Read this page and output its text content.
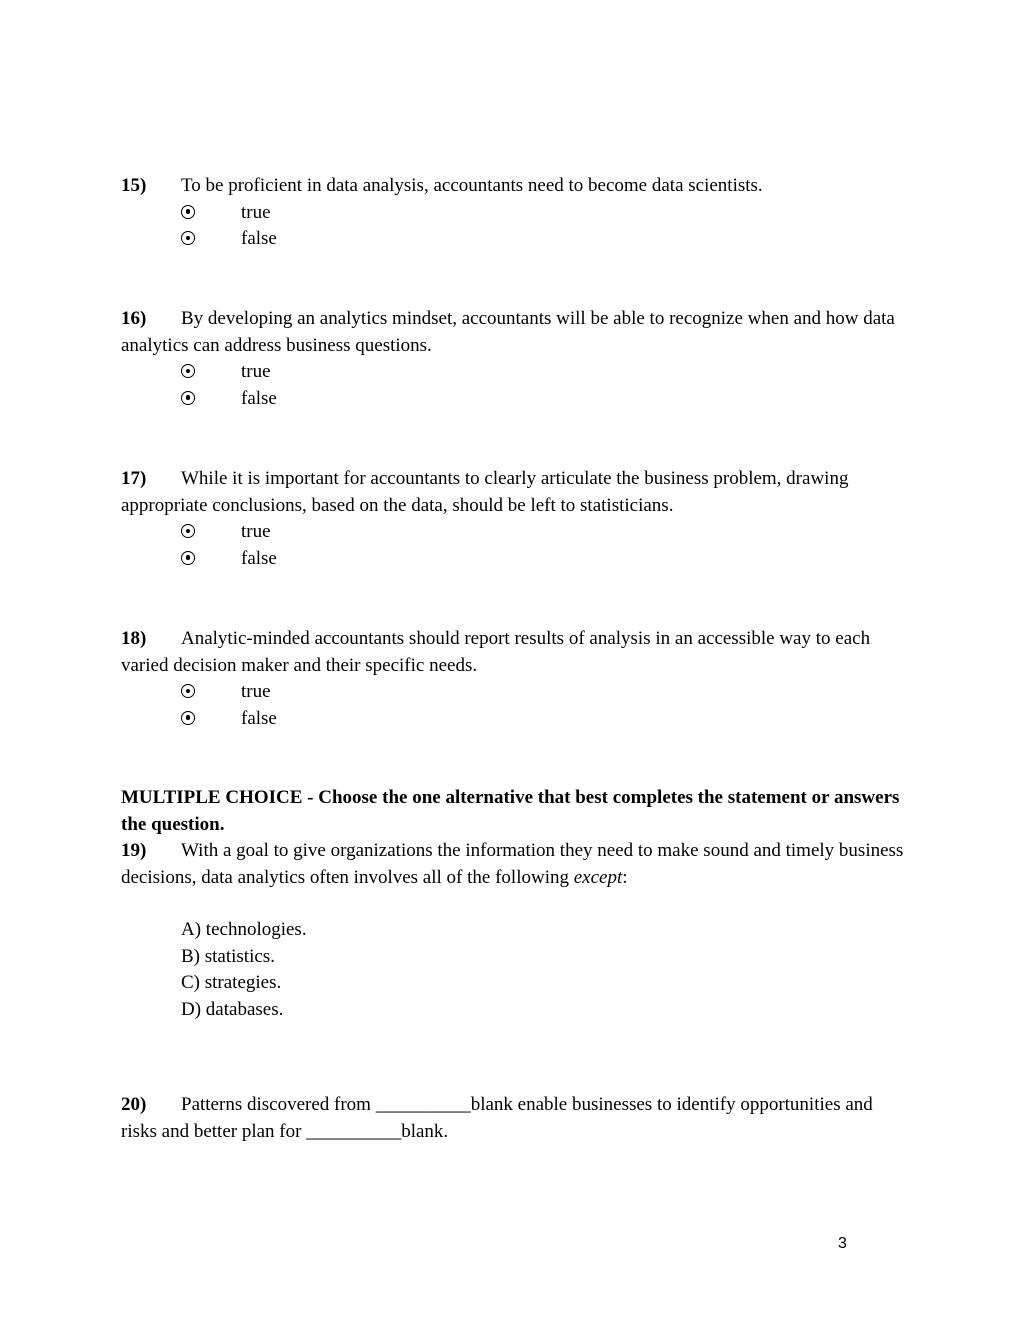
15) To be proficient in data analysis, accountants need to become data scientists.
true
false
16) By developing an analytics mindset, accountants will be able to recognize when and how data analytics can address business questions.
true
false
17) While it is important for accountants to clearly articulate the business problem, drawing appropriate conclusions, based on the data, should be left to statisticians.
true
false
18) Analytic-minded accountants should report results of analysis in an accessible way to each varied decision maker and their specific needs.
true
false
MULTIPLE CHOICE - Choose the one alternative that best completes the statement or answers the question.
19) With a goal to give organizations the information they need to make sound and timely business decisions, data analytics often involves all of the following except:
A) technologies.
B) statistics.
C) strategies.
D) databases.
20) Patterns discovered from __________blank enable businesses to identify opportunities and risks and better plan for __________blank.
3
